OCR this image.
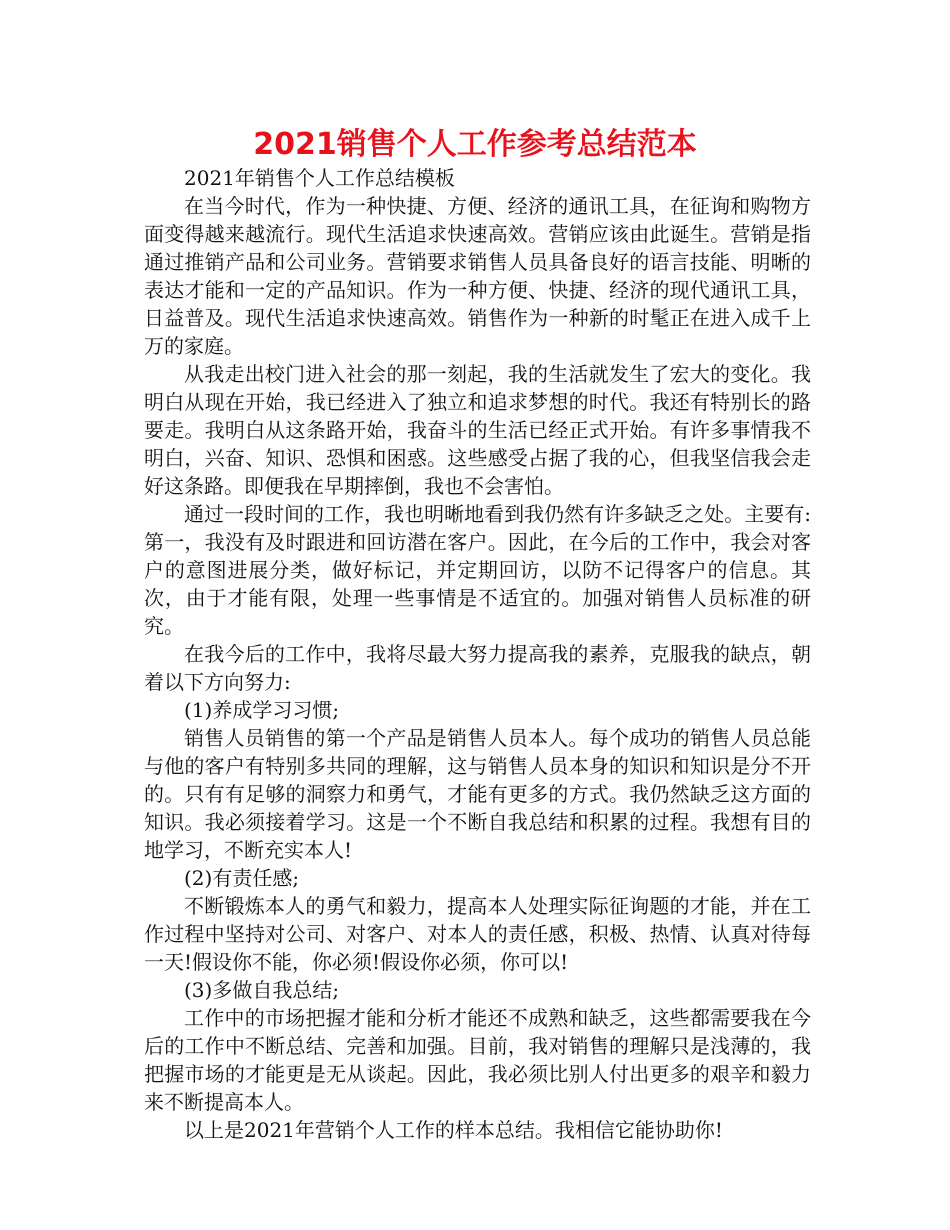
2021销售个人工作参考总结范本

2021年销售个人工作总结模板

在当今时代，作为一种快捷、方便、经济的通讯工具，在征询和购物方面变得越来越流行。现代生活追求快速高效。营销应该由此诞生。营销是指通过推销产品和公司业务。营销要求销售人员具备良好的语言技能、明晰的表达才能和一定的产品知识。作为一种方便、快捷、经济的现代通讯工具，日益普及。现代生活追求快速高效。销售作为一种新的时髦正在进入成千上万的家庭。

从我走出校门进入社会的那一刻起，我的生活就发生了宏大的变化。我明白从现在开始，我已经进入了独立和追求梦想的时代。我还有特别长的路要走。我明白从这条路开始，我奋斗的生活已经正式开始。有许多事情我不明白，兴奋、知识、恐惧和困惑。这些感受占据了我的心，但我坚信我会走好这条路。即便我在早期摔倒，我也不会害怕。

通过一段时间的工作，我也明晰地看到我仍然有许多缺乏之处。主要有:第一，我没有及时跟进和回访潜在客户。因此，在今后的工作中，我会对客户的意图进展分类，做好标记，并定期回访，以防不记得客户的信息。其次，由于才能有限，处理一些事情是不适宜的。加强对销售人员标准的研究。

在我今后的工作中，我将尽最大努力提高我的素养，克服我的缺点，朝着以下方向努力:

(1)养成学习习惯;

销售人员销售的第一个产品是销售人员本人。每个成功的销售人员总能与他的客户有特别多共同的理解，这与销售人员本身的知识和知识是分不开的。只有有足够的洞察力和勇气，才能有更多的方式。我仍然缺乏这方面的知识。我必须接着学习。这是一个不断自我总结和积累的过程。我想有目的地学习，不断充实本人!

(2)有责任感;

不断锻炼本人的勇气和毅力，提高本人处理实际征询题的才能，并在工作过程中坚持对公司、对客户、对本人的责任感，积极、热情、认真对待每一天!假设你不能，你必须!假设你必须，你可以!

(3)多做自我总结;

工作中的市场把握才能和分析才能还不成熟和缺乏，这些都需要我在今后的工作中不断总结、完善和加强。目前，我对销售的理解只是浅薄的，我把握市场的才能更是无从谈起。因此，我必须比别人付出更多的艰辛和毅力来不断提高本人。

以上是2021年营销个人工作的样本总结。我相信它能协助你!
